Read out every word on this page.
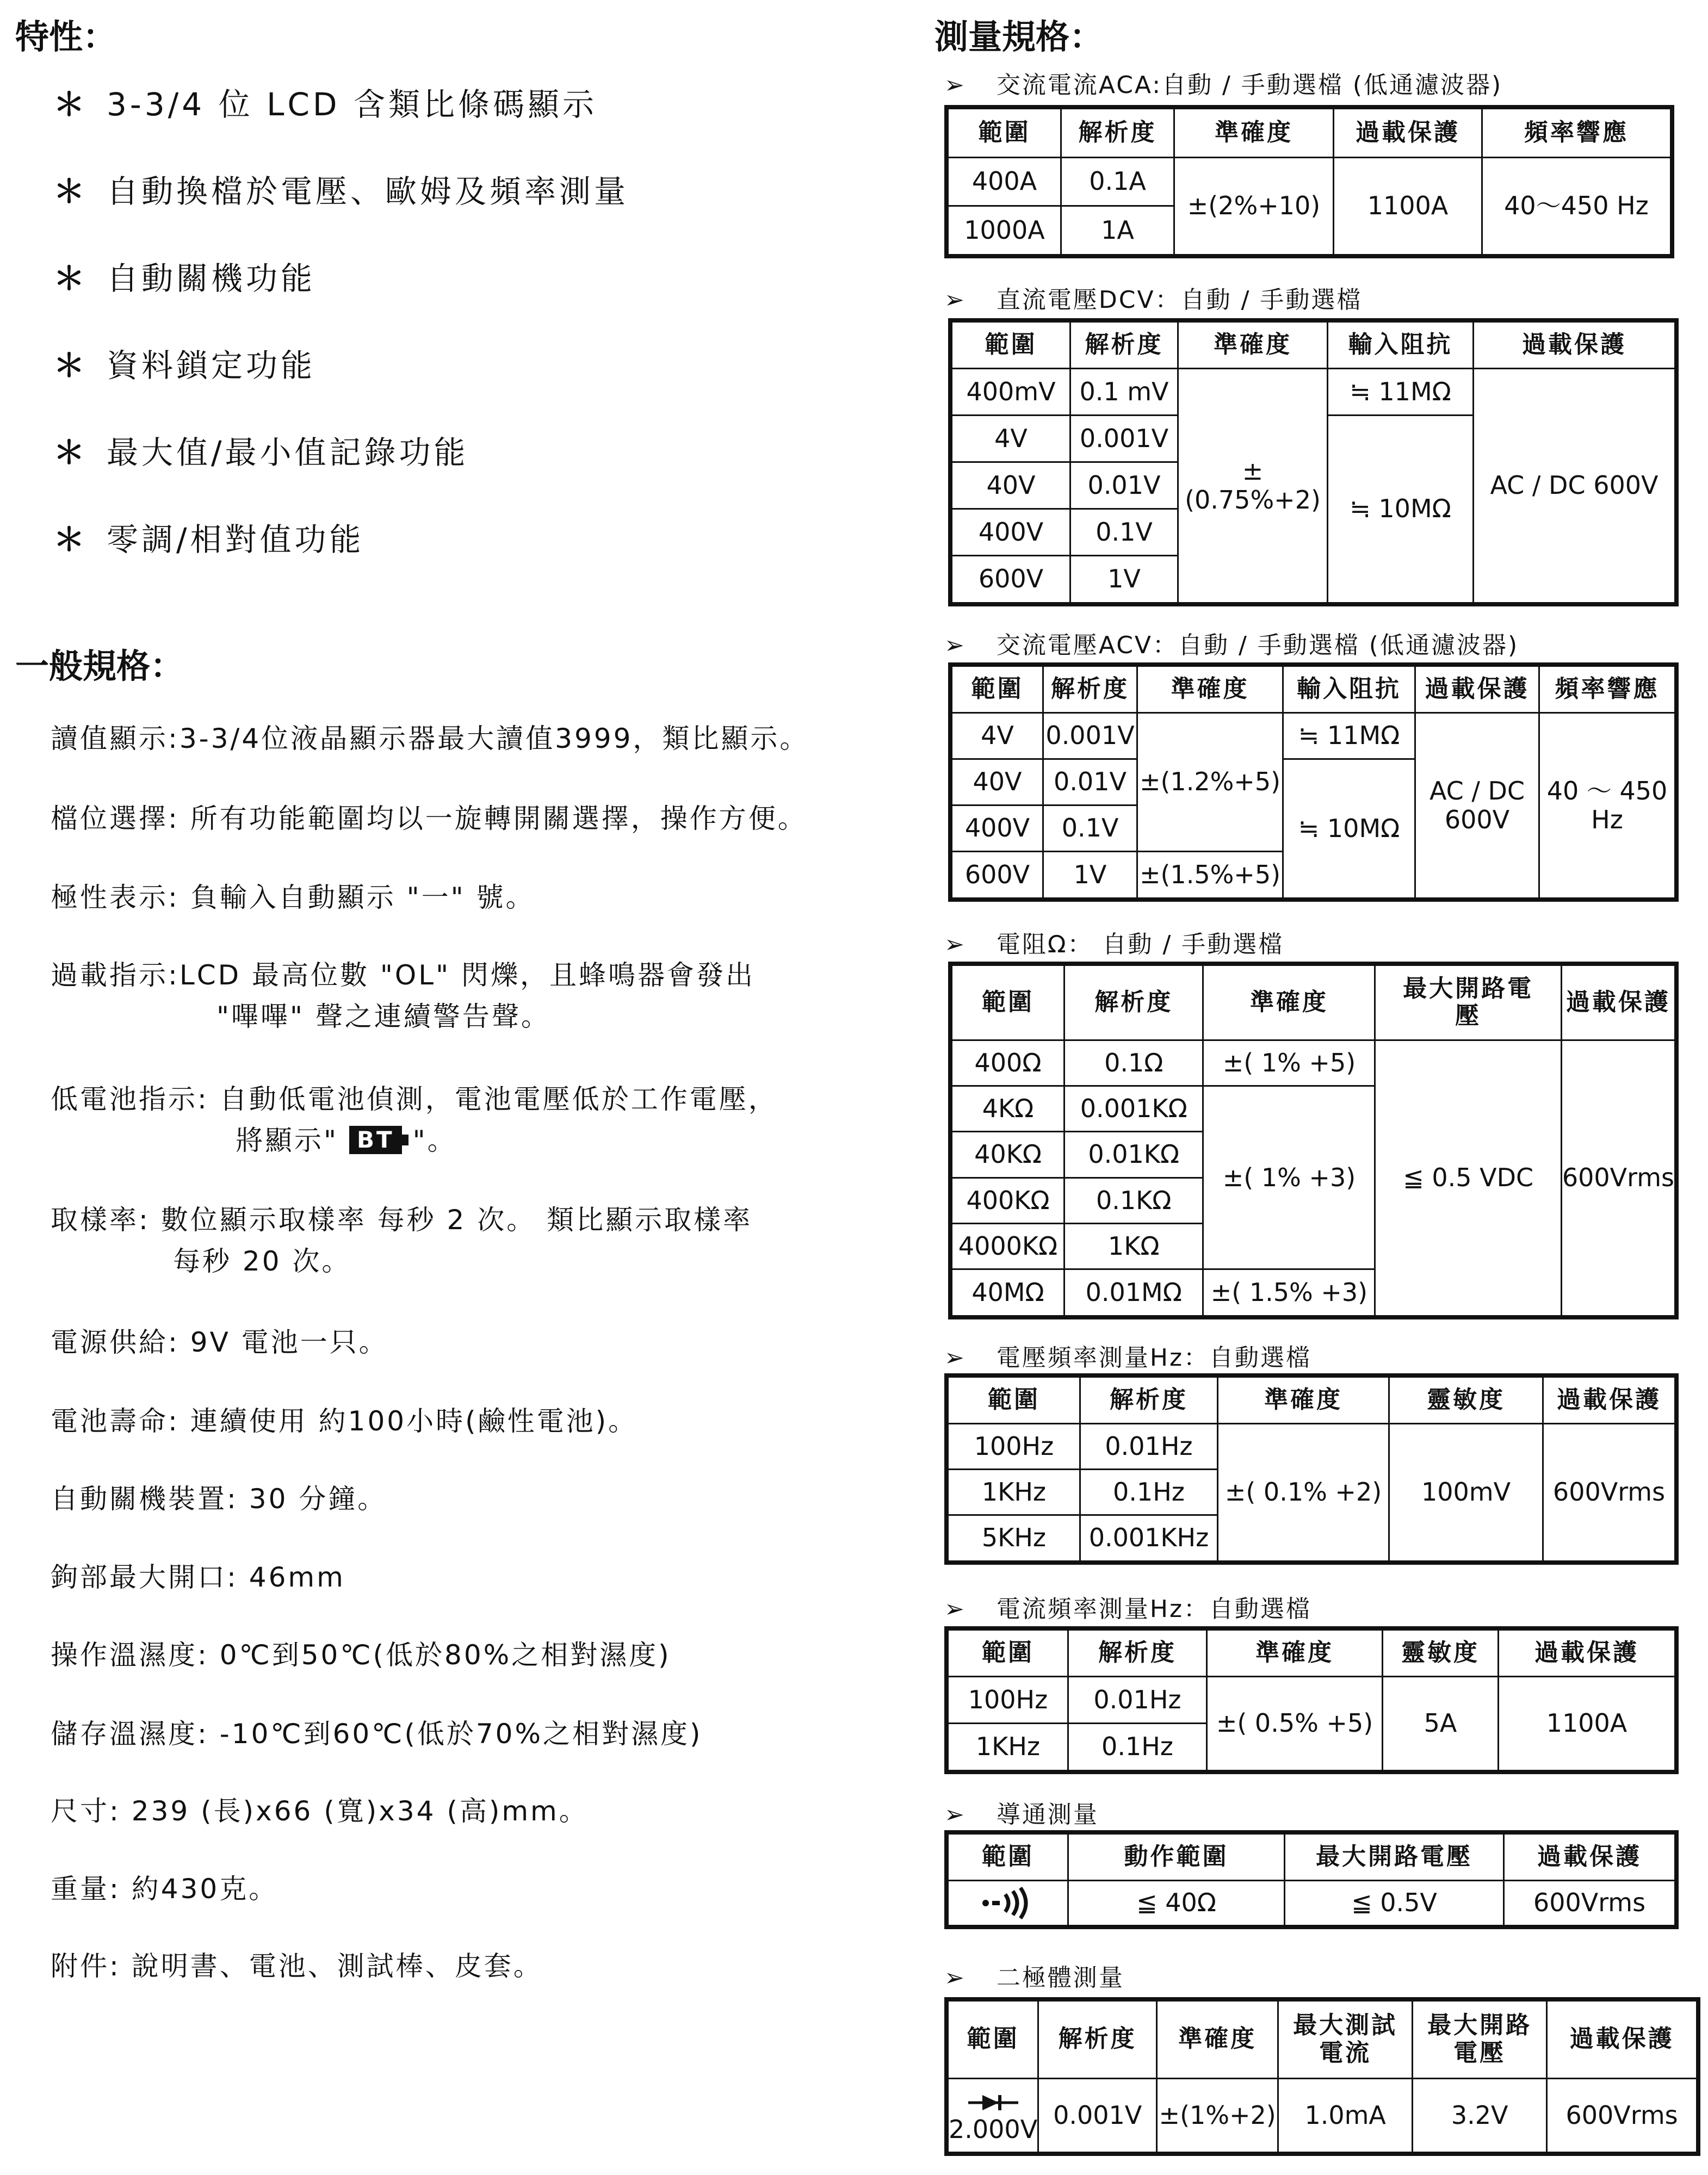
特性：
＊ 3-3/4 位 LCD 含類比條碼顯示
＊ 自動換檔於電壓、歐姆及頻率測量
＊ 自動關機功能
＊ 資料鎖定功能
＊ 最大值/最小值記錄功能
＊ 零調/相對值功能
一般規格：
讀值顯示:3-3/4位液晶顯示器最大讀值3999，類比顯示。
檔位選擇: 所有功能範圍均以一旋轉開關選擇，操作方便。
極性表示: 負輸入自動顯示 "一" 號。
過載指示:LCD 最高位數 "OL" 閃爍，且蜂鳴器會發出
"嗶嗶" 聲之連續警告聲。
低電池指示: 自動低電池偵測，電池電壓低於工作電壓，
將顯示" BT "。
取樣率: 數位顯示取樣率 每秒 2 次。 類比顯示取樣率
每秒 20 次。
電源供給: 9V 電池一只。
電池壽命: 連續使用 約100小時(鹼性電池)。
自動關機裝置: 30 分鐘。
鉤部最大開口: 46mm
操作溫濕度: 0℃到50℃(低於80%之相對濕度)
儲存溫濕度: -10℃到60℃(低於70%之相對濕度)
尺寸: 239 (長)x66 (寬)x34 (高)mm。
重量: 約430克。
附件: 說明書、電池、測試棒、皮套。
測量規格：
➢ 交流電流ACA:自動 / 手動選檔 (低通濾波器)
範圍	解析度	準確度	過載保護	頻率響應
400A	0.1A	±(2%+10)	1100A	40～450 Hz
1000A	1A			
➢ 直流電壓DCV：自動 / 手動選檔
範圍	解析度	準確度	輸入阻抗	過載保護
400mV	0.1 mV	±(0.75%+2)	≒ 11MΩ	AC / DC 600V
4V	0.001V		≒ 10MΩ	
40V	0.01V			
400V	0.1V			
600V	1V			
➢ 交流電壓ACV：自動 / 手動選檔 (低通濾波器)
範圍	解析度	準確度	輸入阻抗	過載保護	頻率響應
4V	0.001V	±(1.2%+5)	≒ 11MΩ	AC / DC 600V	40 ～ 450 Hz
40V	0.01V		≒ 10MΩ		
400V	0.1V				
600V	1V	±(1.5%+5)			
➢ 電阻Ω： 自動 / 手動選檔
範圍	解析度	準確度	最大開路電壓	過載保護
400Ω	0.1Ω	±( 1% +5)	≦ 0.5 VDC	600Vrms
4KΩ	0.001KΩ	±( 1% +3)		
40KΩ	0.01KΩ			
400KΩ	0.1KΩ			
4000KΩ	1KΩ			
40MΩ	0.01MΩ	±( 1.5% +3)		
➢ 電壓頻率測量Hz：自動選檔
範圍	解析度	準確度	靈敏度	過載保護
100Hz	0.01Hz	±( 0.1% +2)	100mV	600Vrms
1KHz	0.1Hz			
5KHz	0.001KHz			
➢ 電流頻率測量Hz：自動選檔
範圍	解析度	準確度	靈敏度	過載保護
100Hz	0.01Hz	±( 0.5% +5)	5A	1100A
1KHz	0.1Hz			
➢ 導通測量
範圍	動作範圍	最大開路電壓	過載保護
	≦ 40Ω	≦ 0.5V	600Vrms
➢ 二極體測量
範圍	解析度	準確度	最大測試電流	最大開路電壓	過載保護

2.000V	0.001V	±(1%+2)	1.0mA	3.2V	600Vrms
